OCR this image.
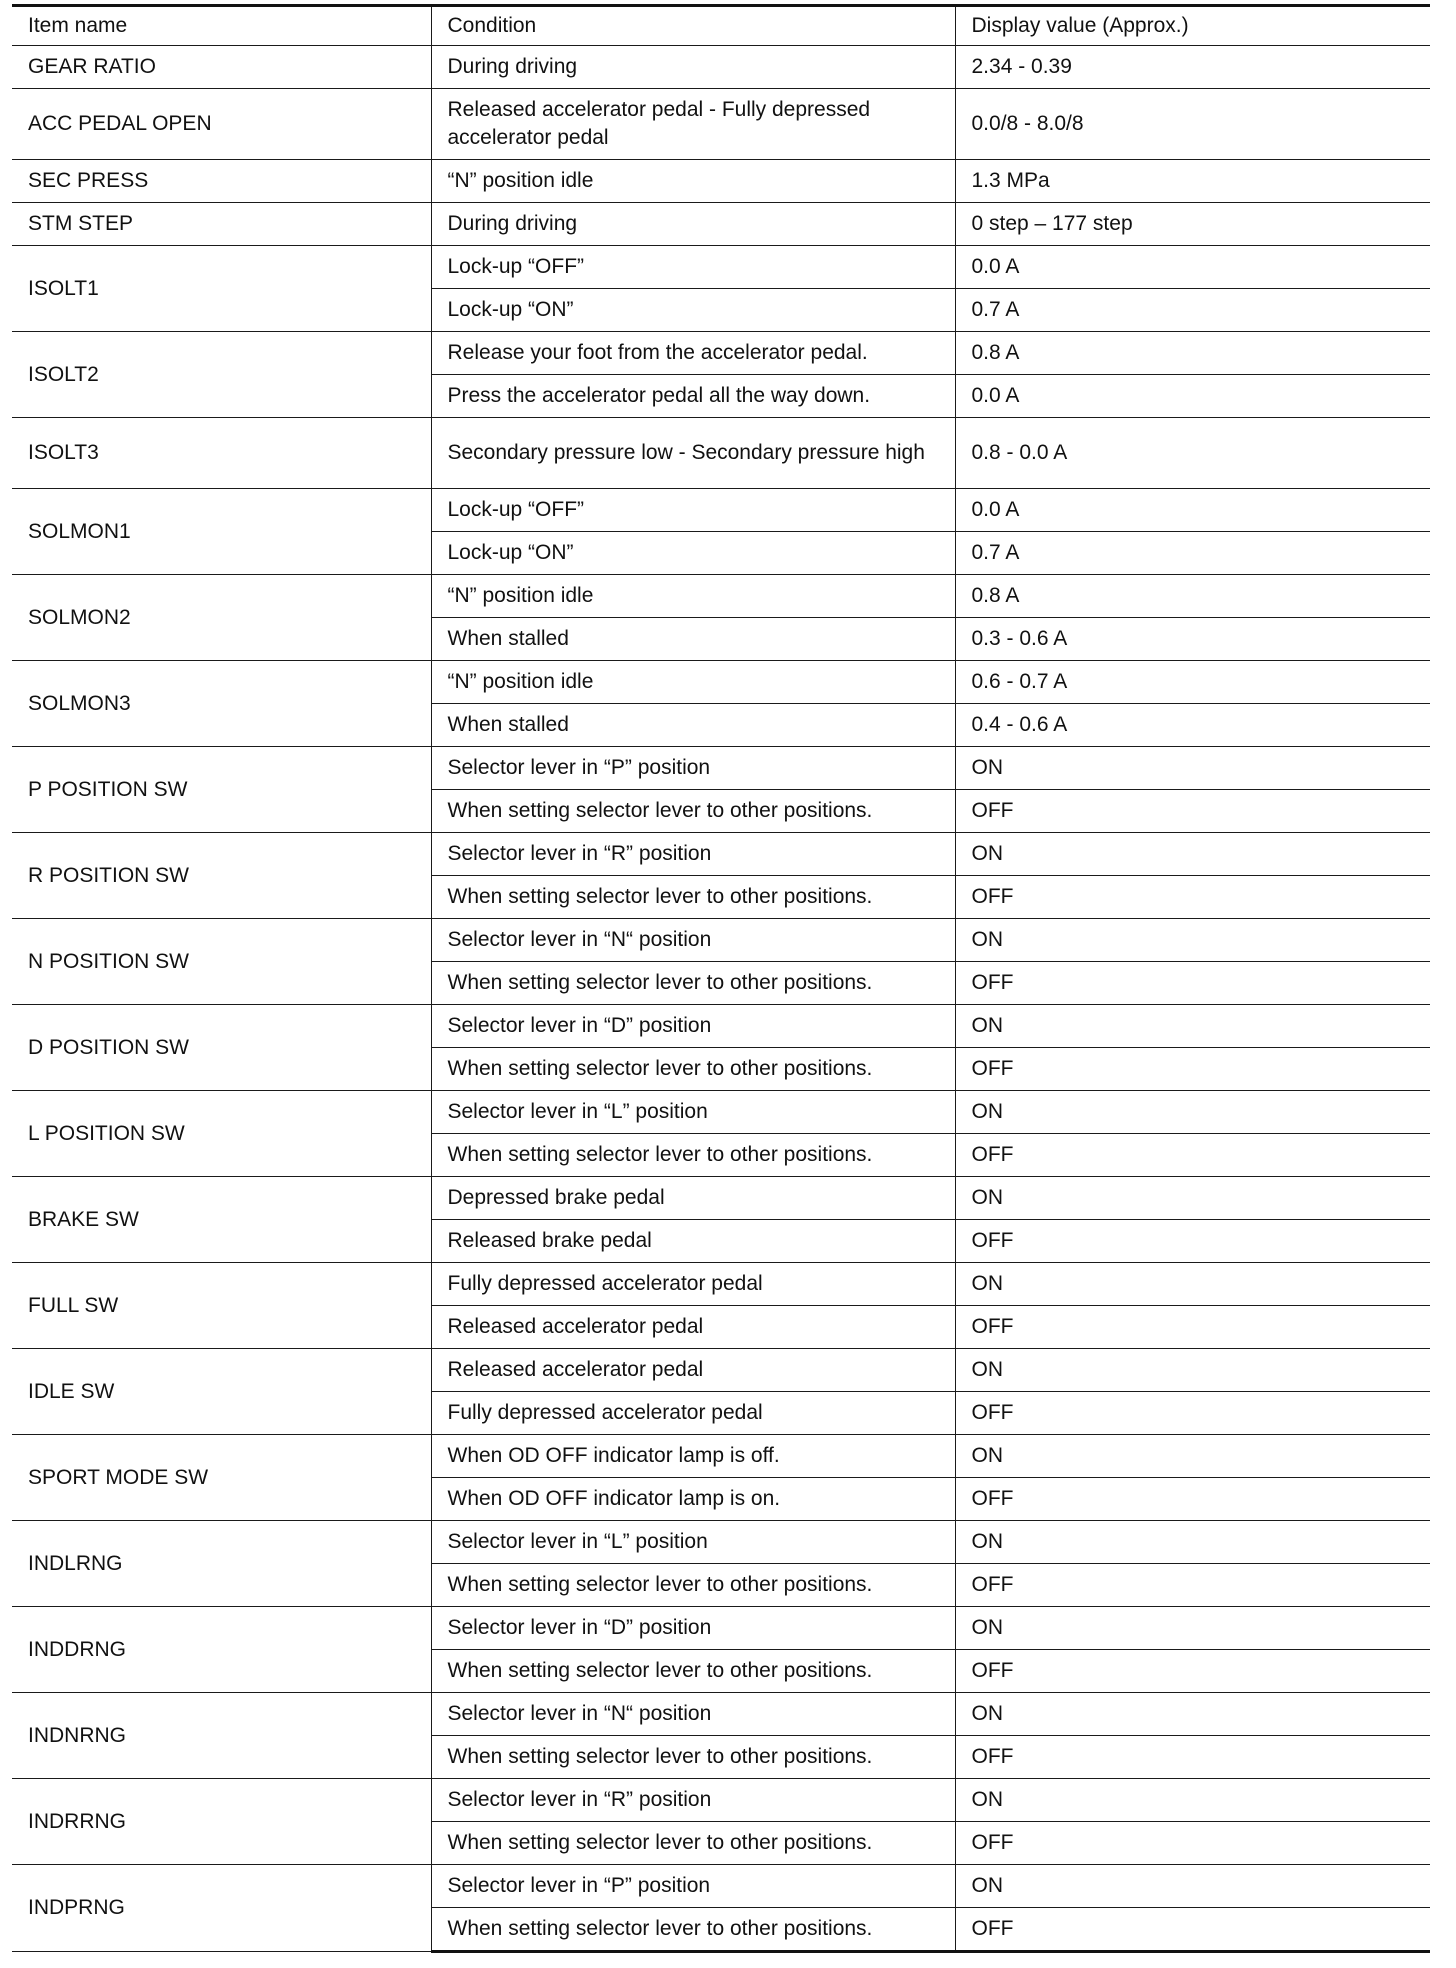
Item name	Condition	Display value (Approx.)
GEAR RATIO	During driving	2.34 - 0.39
ACC PEDAL OPEN	Released accelerator pedal - Fully depressed accelerator pedal	0.0/8 - 8.0/8
SEC PRESS	“N” position idle	1.3 MPa
STM STEP	During driving	0 step – 177 step
ISOLT1	Lock-up “OFF”	0.0 A
	Lock-up “ON”	0.7 A
ISOLT2	Release your foot from the accelerator pedal.	0.8 A
	Press the accelerator pedal all the way down.	0.0 A
ISOLT3	Secondary pressure low - Secondary pressure high	0.8 - 0.0 A
SOLMON1	Lock-up “OFF”	0.0 A
	Lock-up “ON”	0.7 A
SOLMON2	“N” position idle	0.8 A
	When stalled	0.3 - 0.6 A
SOLMON3	“N” position idle	0.6 - 0.7 A
	When stalled	0.4 - 0.6 A
P POSITION SW	Selector lever in “P” position	ON
	When setting selector lever to other positions.	OFF
R POSITION SW	Selector lever in “R” position	ON
	When setting selector lever to other positions.	OFF
N POSITION SW	Selector lever in “N“ position	ON
	When setting selector lever to other positions.	OFF
D POSITION SW	Selector lever in “D” position	ON
	When setting selector lever to other positions.	OFF
L POSITION SW	Selector lever in “L” position	ON
	When setting selector lever to other positions.	OFF
BRAKE SW	Depressed brake pedal	ON
	Released brake pedal	OFF
FULL SW	Fully depressed accelerator pedal	ON
	Released accelerator pedal	OFF
IDLE SW	Released accelerator pedal	ON
	Fully depressed accelerator pedal	OFF
SPORT MODE SW	When OD OFF indicator lamp is off.	ON
	When OD OFF indicator lamp is on.	OFF
INDLRNG	Selector lever in “L” position	ON
	When setting selector lever to other positions.	OFF
INDDRNG	Selector lever in “D” position	ON
	When setting selector lever to other positions.	OFF
INDNRNG	Selector lever in “N“ position	ON
	When setting selector lever to other positions.	OFF
INDRRNG	Selector lever in “R” position	ON
	When setting selector lever to other positions.	OFF
INDPRNG	Selector lever in “P” position	ON
	When setting selector lever to other positions.	OFF
